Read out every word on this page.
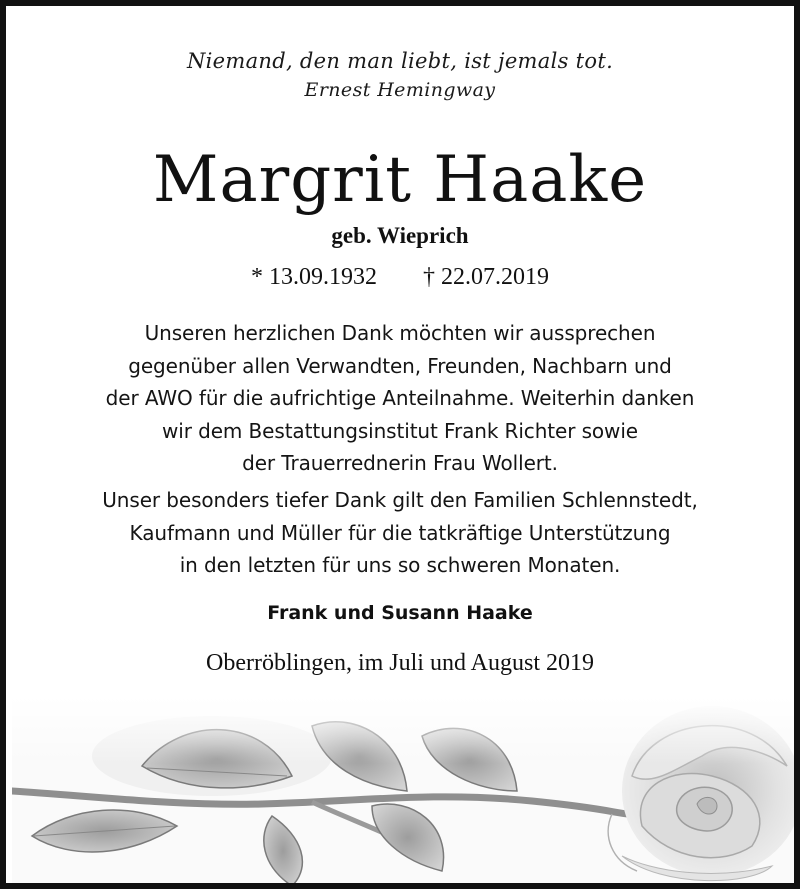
Niemand, den man liebt, ist jemals tot.
Ernest Hemingway
Margrit Haake
geb. Wieprich
* 13.09.1932 † 22.07.2019
Unseren herzlichen Dank möchten wir aussprechen
gegenüber allen Verwandten, Freunden, Nachbarn und
der AWO für die aufrichtige Anteilnahme. Weiterhin danken
wir dem Bestattungsinstitut Frank Richter sowie
der Trauerrednerin Frau Wollert.
Unser besonders tiefer Dank gilt den Familien Schlennstedt,
Kaufmann und Müller für die tatkräftige Unterstützung
in den letzten für uns so schweren Monaten.
Frank und Susann Haake
Oberröblingen, im Juli und August 2019
